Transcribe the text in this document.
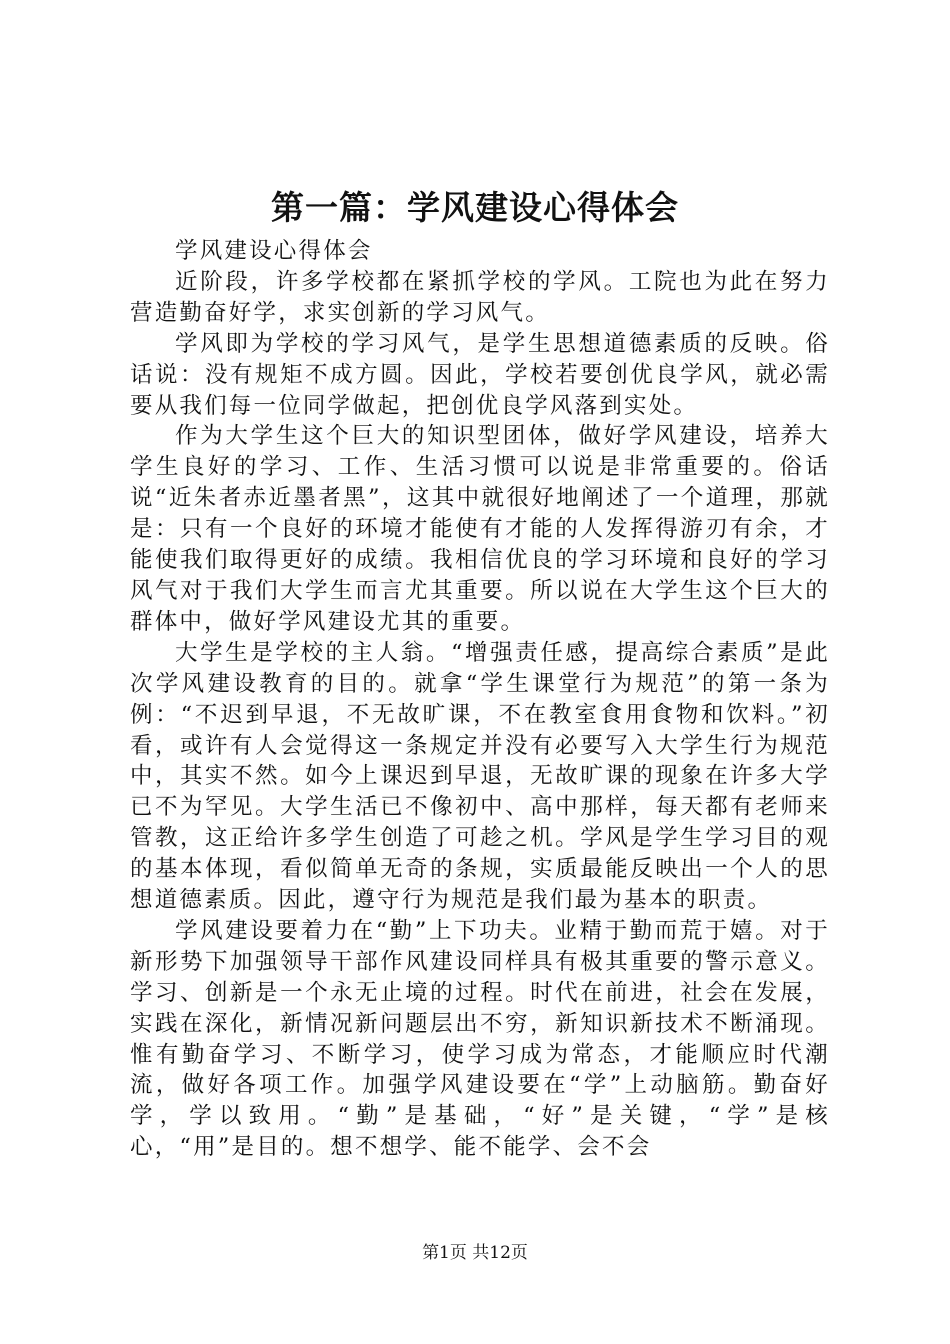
第一篇：学风建设心得体会

学风建设心得体会

近阶段，许多学校都在紧抓学校的学风。工院也为此在努力营造勤奋好学，求实创新的学习风气。

学风即为学校的学习风气，是学生思想道德素质的反映。俗话说：没有规矩不成方圆。因此，学校若要创优良学风，就必需要从我们每一位同学做起，把创优良学风落到实处。

作为大学生这个巨大的知识型团体，做好学风建设，培养大学生良好的学习、工作、生活习惯可以说是非常重要的。俗话说“近朱者赤近墨者黑”，这其中就很好地阐述了一个道理，那就是：只有一个良好的环境才能使有才能的人发挥得游刃有余，才能使我们取得更好的成绩。我相信优良的学习环境和良好的学习风气对于我们大学生而言尤其重要。所以说在大学生这个巨大的群体中，做好学风建设尤其的重要。

大学生是学校的主人翁。“增强责任感，提高综合素质”是此次学风建设教育的目的。就拿“学生课堂行为规范”的第一条为例：“不迟到早退，不无故旷课，不在教室食用食物和饮料。”初看，或许有人会觉得这一条规定并没有必要写入大学生行为规范中，其实不然。如今上课迟到早退，无故旷课的现象在许多大学已不为罕见。大学生活已不像初中、高中那样，每天都有老师来管教，这正给许多学生创造了可趁之机。学风是学生学习目的观的基本体现，看似简单无奇的条规，实质最能反映出一个人的思想道德素质。因此，遵守行为规范是我们最为基本的职责。

学风建设要着力在“勤”上下功夫。业精于勤而荒于嬉。对于新形势下加强领导干部作风建设同样具有极其重要的警示意义。学习、创新是一个永无止境的过程。时代在前进，社会在发展，实践在深化，新情况新问题层出不穷，新知识新技术不断涌现。惟有勤奋学习、不断学习，使学习成为常态，才能顺应时代潮流，做好各项工作。加强学风建设要在“学”上动脑筋。勤奋好学，学以致用。“勤”是基础，“好”是关键，“学”是核心，“用”是目的。想不想学、能不能学、会不会

第1页 共12页
